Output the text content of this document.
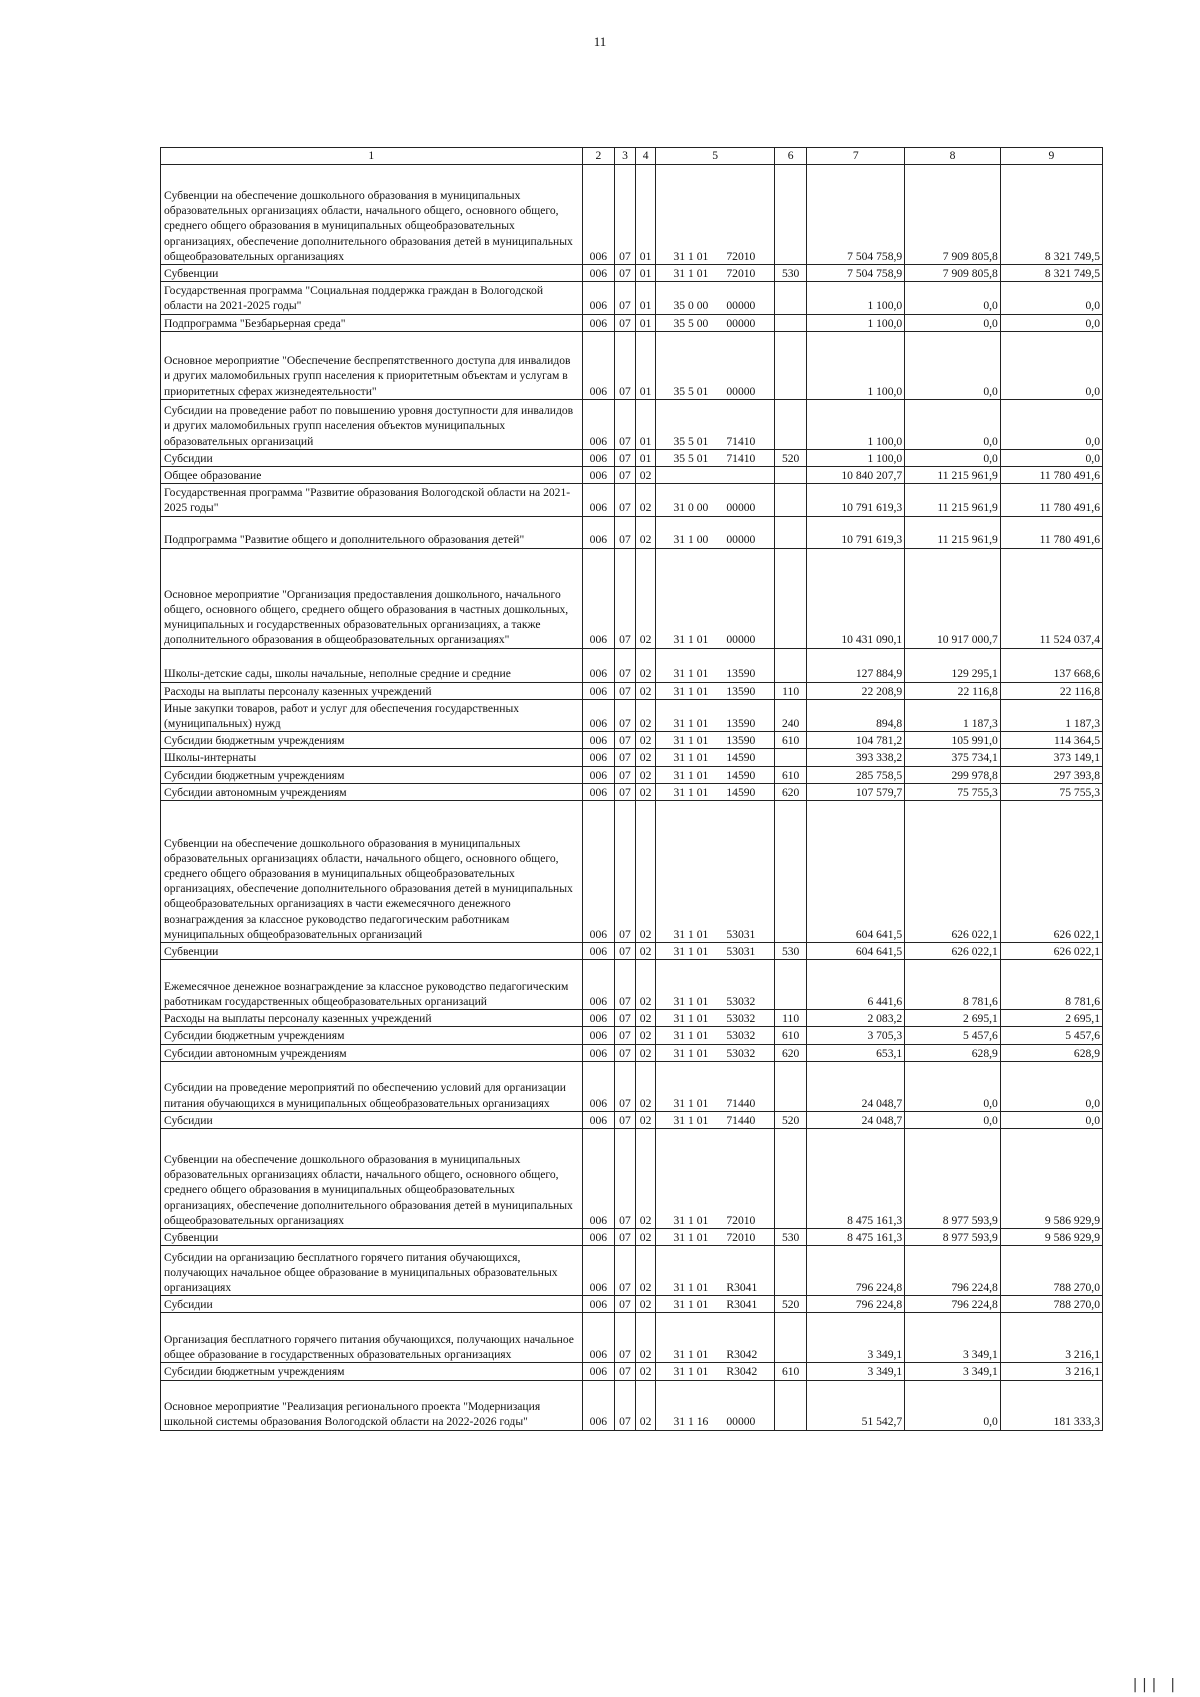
11
1	2	3	4	5		6	7	8	9
Субвенции на обеспечение дошкольного образования в муниципальных образовательных организациях области, начального общего, основного общего, среднего общего образования в муниципальных общеобразовательных организациях, обеспечение дополнительного образования детей в муниципальных общеобразовательных организациях	006	07	01	31 1 01	72010		7 504 758,9	7 909 805,8	8 321 749,5
Субвенции	006	07	01	31 1 01	72010	530	7 504 758,9	7 909 805,8	8 321 749,5
Государственная программа "Социальная поддержка граждан в Вологодской области на 2021-2025 годы"	006	07	01	35 0 00	00000		1 100,0	0,0	0,0
Подпрограмма "Безбарьерная среда"	006	07	01	35 5 00	00000		1 100,0	0,0	0,0
Основное мероприятие "Обеспечение беспрепятственного доступа для инвалидов и других маломобильных групп населения к приоритетным объектам и услугам в приоритетных сферах жизнедеятельности"	006	07	01	35 5 01	00000		1 100,0	0,0	0,0
Субсидии на проведение работ по повышению уровня доступности для инвалидов и других маломобильных групп населения объектов муниципальных образовательных организаций	006	07	01	35 5 01	71410		1 100,0	0,0	0,0
Субсидии	006	07	01	35 5 01	71410	520	1 100,0	0,0	0,0
Общее образование	006	07	02				10 840 207,7	11 215 961,9	11 780 491,6
Государственная программа "Развитие образования Вологодской области на 2021-2025 годы"	006	07	02	31 0 00	00000		10 791 619,3	11 215 961,9	11 780 491,6
Подпрограмма "Развитие общего и дополнительного образования детей"	006	07	02	31 1 00	00000		10 791 619,3	11 215 961,9	11 780 491,6
Основное мероприятие "Организация предоставления дошкольного, начального общего, основного общего, среднего общего образования в частных дошкольных, муниципальных и государственных образовательных организациях, а также дополнительного образования в общеобразовательных организациях"	006	07	02	31 1 01	00000		10 431 090,1	10 917 000,7	11 524 037,4
Школы-детские сады, школы начальные, неполные средние и средние	006	07	02	31 1 01	13590		127 884,9	129 295,1	137 668,6
Расходы на выплаты персоналу казенных учреждений	006	07	02	31 1 01	13590	110	22 208,9	22 116,8	22 116,8
Иные закупки товаров, работ и услуг для обеспечения государственных (муниципальных) нужд	006	07	02	31 1 01	13590	240	894,8	1 187,3	1 187,3
Субсидии бюджетным учреждениям	006	07	02	31 1 01	13590	610	104 781,2	105 991,0	114 364,5
Школы-интернаты	006	07	02	31 1 01	14590		393 338,2	375 734,1	373 149,1
Субсидии бюджетным учреждениям	006	07	02	31 1 01	14590	610	285 758,5	299 978,8	297 393,8
Субсидии автономным учреждениям	006	07	02	31 1 01	14590	620	107 579,7	75 755,3	75 755,3
Субвенции на обеспечение дошкольного образования в муниципальных образовательных организациях области, начального общего, основного общего, среднего общего образования в муниципальных общеобразовательных организациях, обеспечение дополнительного образования детей в муниципальных общеобразовательных организациях в части ежемесячного денежного вознаграждения за классное руководство педагогическим работникам муниципальных общеобразовательных организаций	006	07	02	31 1 01	53031		604 641,5	626 022,1	626 022,1
Субвенции	006	07	02	31 1 01	53031	530	604 641,5	626 022,1	626 022,1
Ежемесячное денежное вознаграждение за классное руководство педагогическим работникам государственных общеобразовательных организаций	006	07	02	31 1 01	53032		6 441,6	8 781,6	8 781,6
Расходы на выплаты персоналу казенных учреждений	006	07	02	31 1 01	53032	110	2 083,2	2 695,1	2 695,1
Субсидии бюджетным учреждениям	006	07	02	31 1 01	53032	610	3 705,3	5 457,6	5 457,6
Субсидии автономным учреждениям	006	07	02	31 1 01	53032	620	653,1	628,9	628,9
Субсидии на проведение мероприятий по обеспечению условий для организации питания обучающихся в муниципальных общеобразовательных организациях	006	07	02	31 1 01	71440		24 048,7	0,0	0,0
Субсидии	006	07	02	31 1 01	71440	520	24 048,7	0,0	0,0
Субвенции на обеспечение дошкольного образования в муниципальных образовательных организациях области, начального общего, основного общего, среднего общего образования в муниципальных общеобразовательных организациях, обеспечение дополнительного образования детей в муниципальных общеобразовательных организациях	006	07	02	31 1 01	72010		8 475 161,3	8 977 593,9	9 586 929,9
Субвенции	006	07	02	31 1 01	72010	530	8 475 161,3	8 977 593,9	9 586 929,9
Субсидии на организацию бесплатного горячего питания обучающихся, получающих начальное общее образование в муниципальных образовательных организациях	006	07	02	31 1 01	R3041		796 224,8	796 224,8	788 270,0
Субсидии	006	07	02	31 1 01	R3041	520	796 224,8	796 224,8	788 270,0
Организация бесплатного горячего питания обучающихся, получающих начальное общее образование в государственных образовательных организациях	006	07	02	31 1 01	R3042		3 349,1	3 349,1	3 216,1
Субсидии бюджетным учреждениям	006	07	02	31 1 01	R3042	610	3 349,1	3 349,1	3 216,1
Основное мероприятие "Реализация регионального проекта "Модернизация школьной системы образования Вологодской области на 2022-2026 годы"	006	07	02	31 1 16	00000		51 542,7	0,0	181 333,3
||| |
